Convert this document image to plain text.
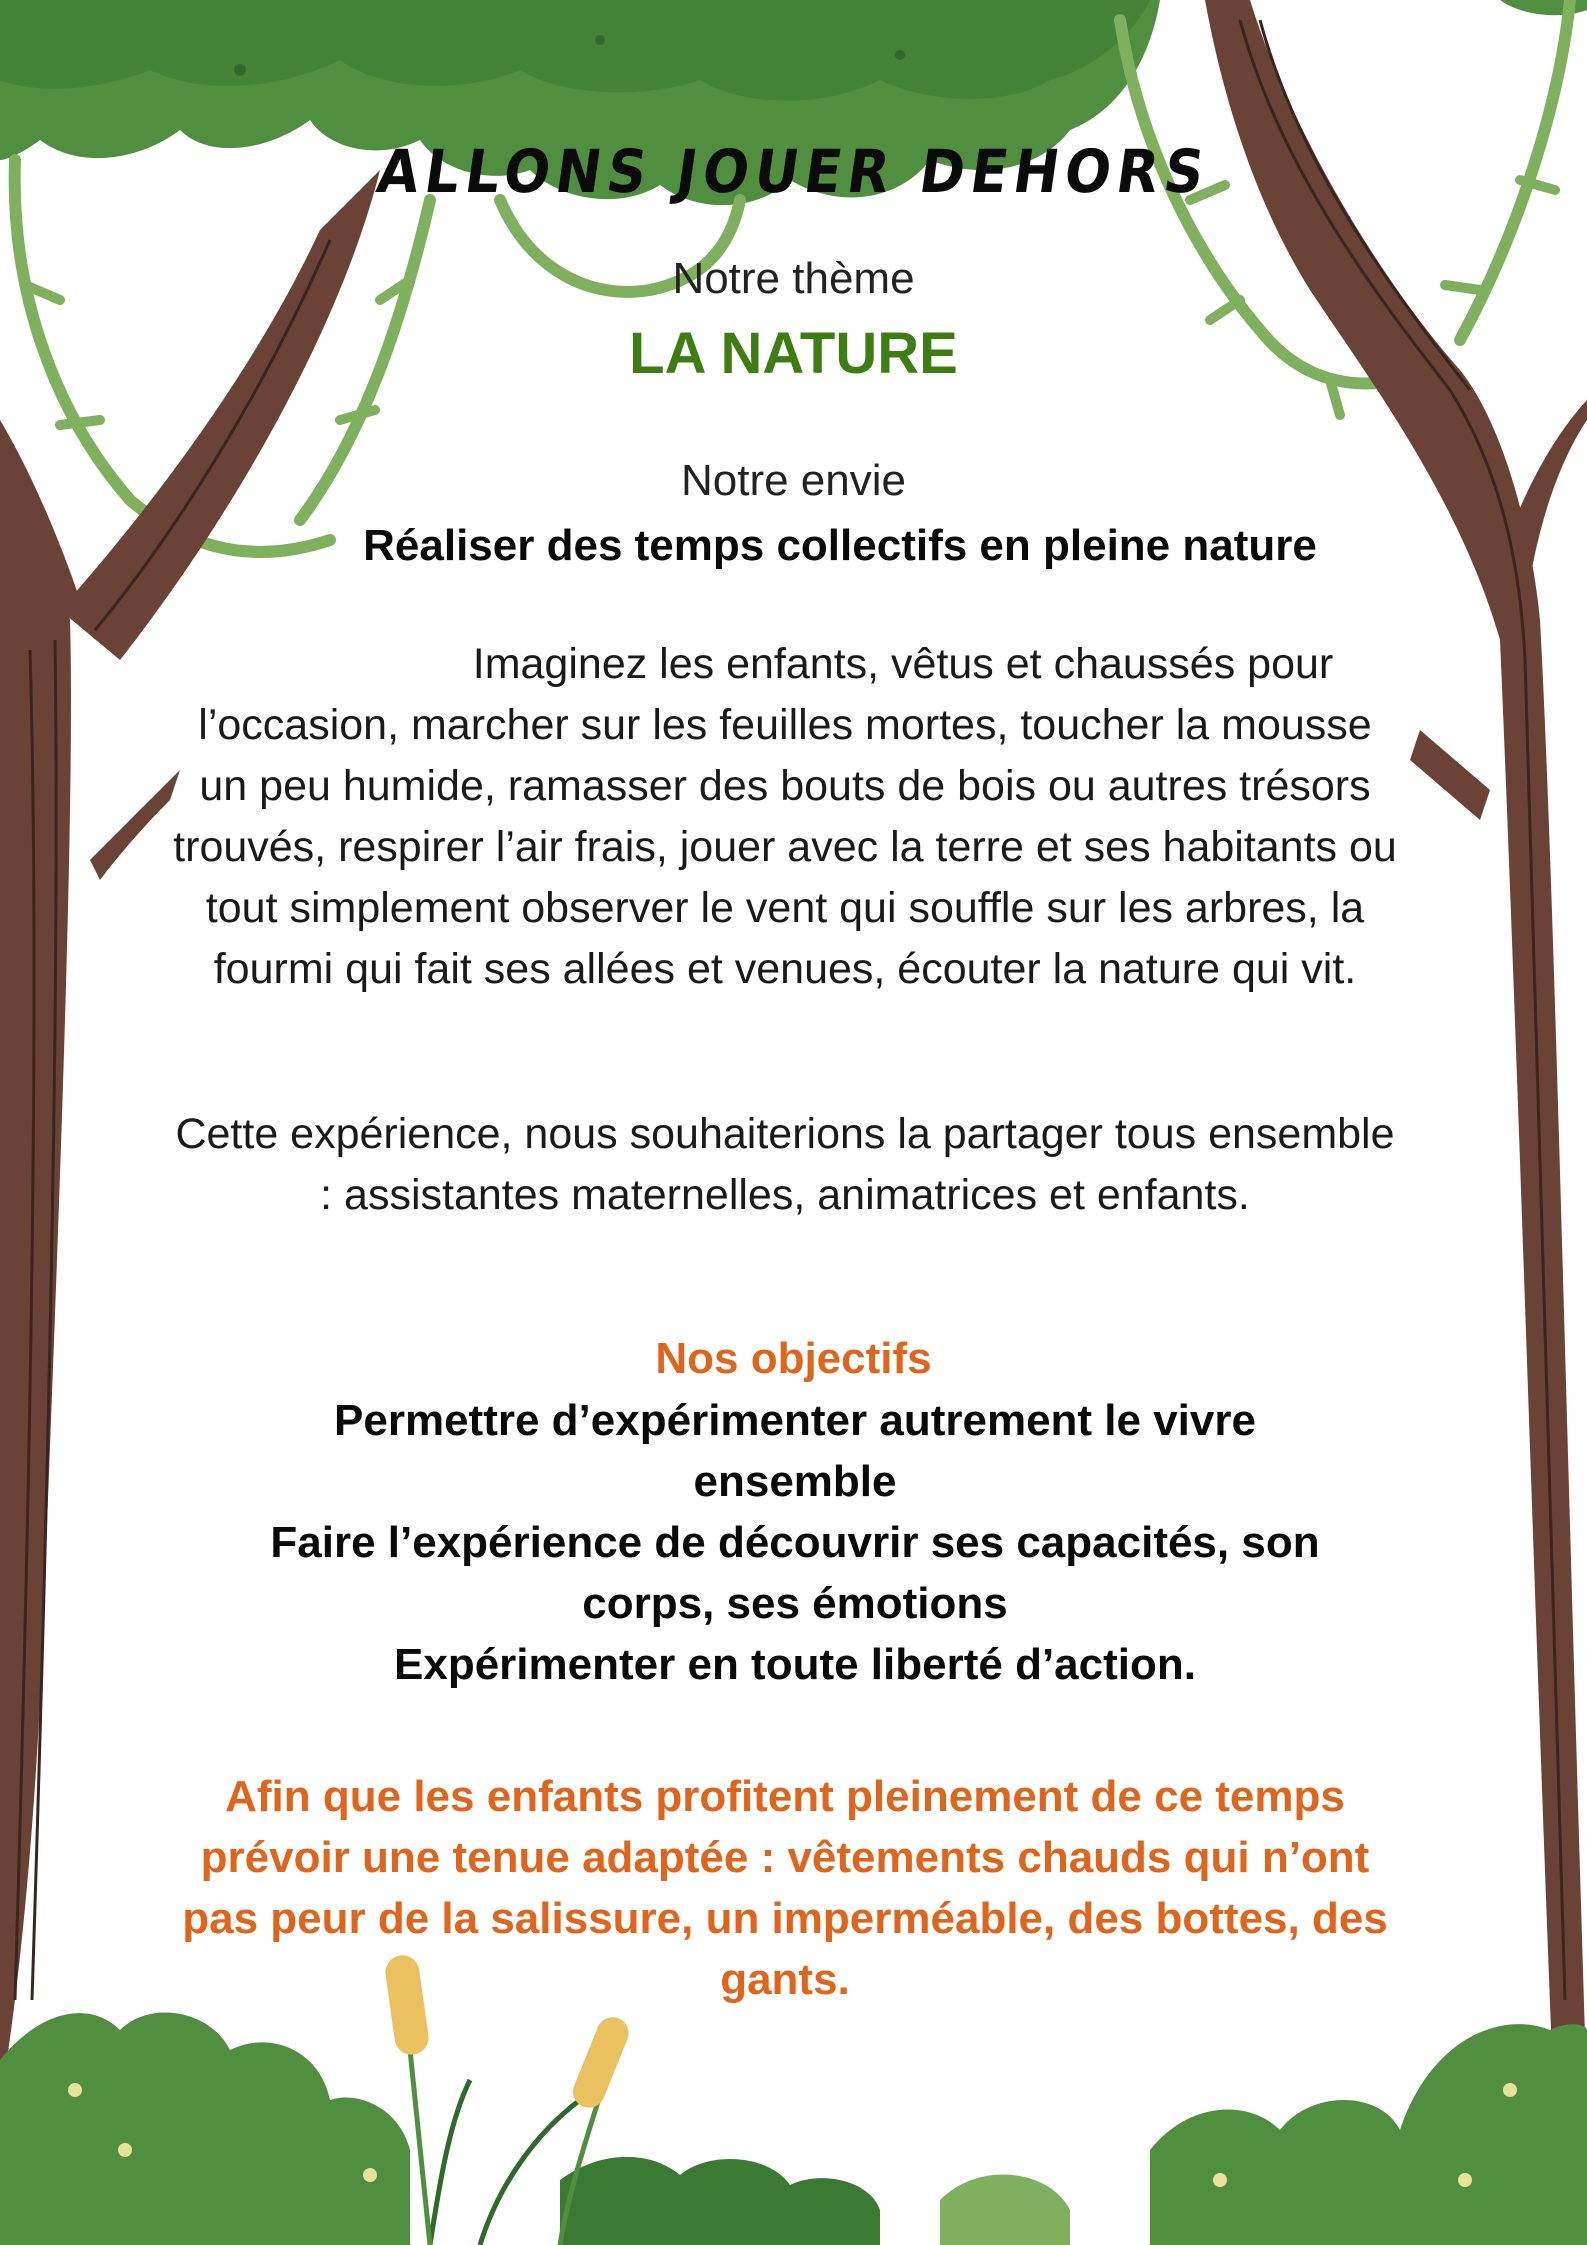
ALLONS JOUER DEHORS

Notre thème

LA NATURE

Notre envie

Réaliser des temps collectifs en pleine nature

Imaginez les enfants, vêtus et chaussés pour l’occasion, marcher sur les feuilles mortes, toucher la mousse un peu humide, ramasser des bouts de bois ou autres trésors trouvés, respirer l’air frais, jouer avec la terre et ses habitants ou tout simplement observer le vent qui souffle sur les arbres, la fourmi qui fait ses allées et venues, écouter la nature qui vit.

Cette expérience, nous souhaiterions la partager tous ensemble : assistantes maternelles, animatrices et enfants.

Nos objectifs

Permettre d’expérimenter autrement le vivre ensemble
Faire l’expérience de découvrir ses capacités, son corps, ses émotions
Expérimenter en toute liberté d’action.

Afin que les enfants profitent pleinement de ce temps prévoir une tenue adaptée : vêtements chauds qui n’ont pas peur de la salissure, un imperméable, des bottes, des gants.
